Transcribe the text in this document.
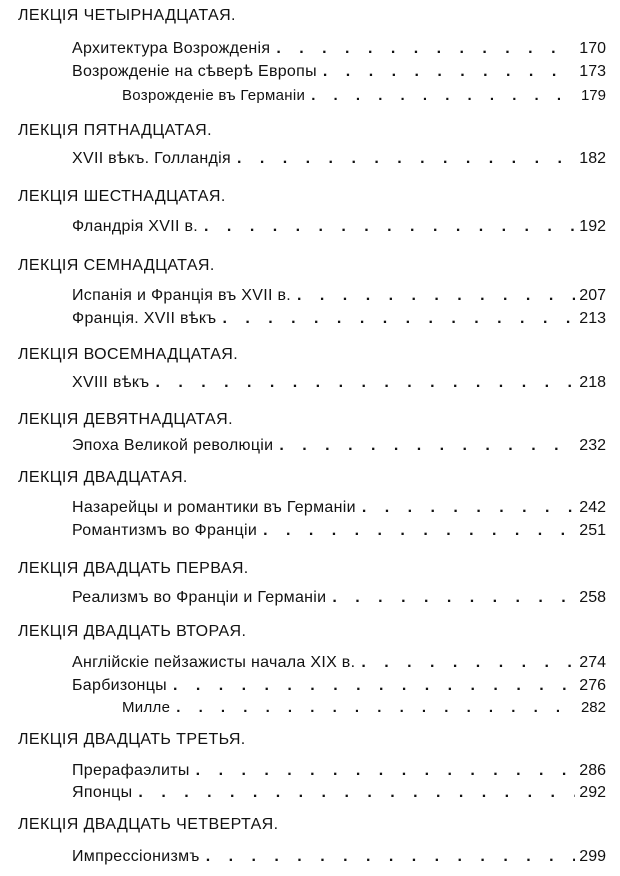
ЛЕКЦІЯ ЧЕТЫРНАДЦАТАЯ.
Архитектура Возрожденія . . .	170
Возрожденіе на сѣверѣ Европы . . .	173
Возрожденіе въ Германіи . . .	179
ЛЕКЦІЯ ПЯТНАДЦАТАЯ.
XVII вѣкъ. Голландія . . .	182
ЛЕКЦІЯ ШЕСТНАДЦАТАЯ.
Фландрія XVII в. . . .	192
ЛЕКЦІЯ СЕМНАДЦАТАЯ.
Испанія и Франція въ XVII в. . . .	207
Франція. XVII вѣкъ . . .	213
ЛЕКЦІЯ ВОСЕМНАДЦАТАЯ.
XVIII вѣкъ . . .	218
ЛЕКЦІЯ ДЕВЯТНАДЦАТАЯ.
Эпоха Великой революціи . . .	232
ЛЕКЦІЯ ДВАДЦАТАЯ.
Назарейцы и романтики въ Германіи . . .	242
Романтизмъ во Франціи . . .	251
ЛЕКЦІЯ ДВАДЦАТЬ ПЕРВАЯ.
Реализмъ во Франціи и Германіи . . .	258
ЛЕКЦІЯ ДВАДЦАТЬ ВТОРАЯ.
Англійскіе пейзажисты начала XIX в. . . .	274
Барбизонцы . . .	276
Милле . . .	282
ЛЕКЦІЯ ДВАДЦАТЬ ТРЕТЬЯ.
Прерафаэлиты . . .	286
Японцы . . .	292
ЛЕКЦІЯ ДВАДЦАТЬ ЧЕТВЕРТАЯ.
Импрессіонизмъ . . .	299
